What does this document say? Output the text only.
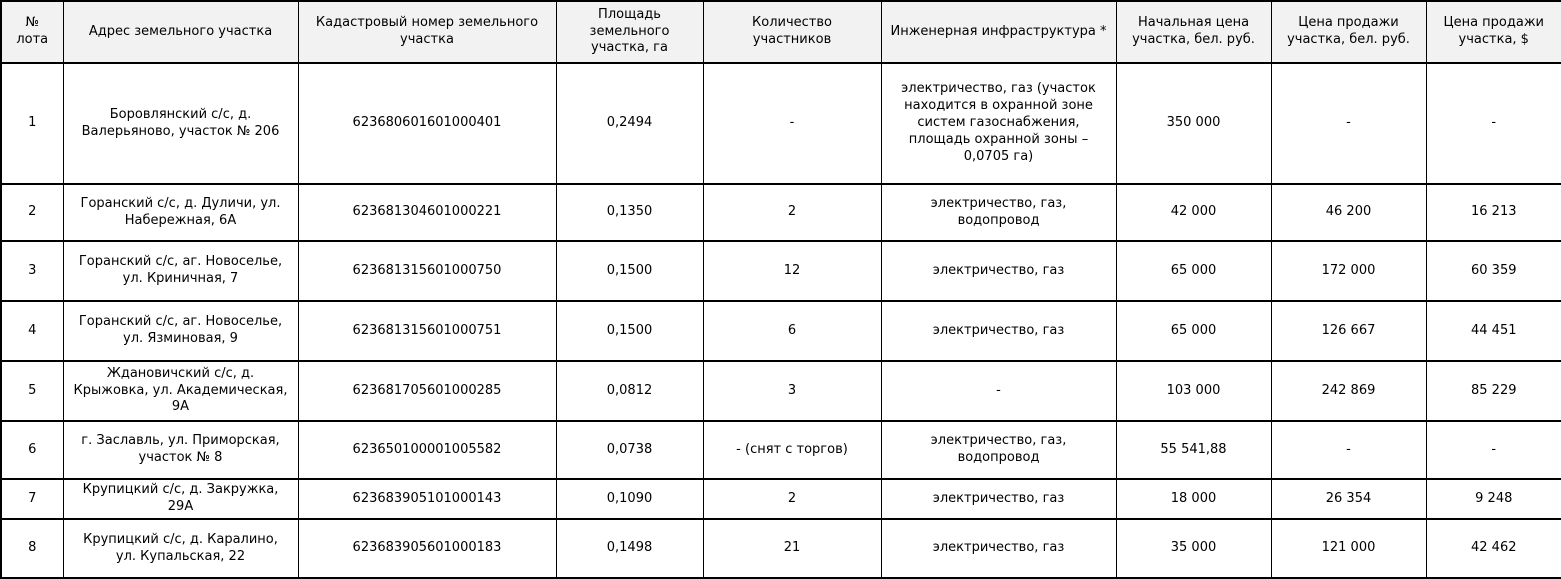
№ лота	Адрес земельного участка	Кадастровый номер земельного участка	Площадь земельного участка, га	Количество участников	Инженерная инфраструктура *	Начальная цена участка, бел. руб.	Цена продажи участка, бел. руб.	Цена продажи участка, $
1	Боровлянский с/с, д. Валерьяново, участок № 206	623680601601000401	0,2494	-	электричество, газ (участок находится в охранной зоне систем газоснабжения, площадь охранной зоны – 0,0705 га)	350 000	-	-
2	Горанский с/с, д. Дуличи, ул. Набережная, 6А	623681304601000221	0,1350	2	электричество, газ, водопровод	42 000	46 200	16 213
3	Горанский с/с, аг. Новоселье, ул. Криничная, 7	623681315601000750	0,1500	12	электричество, газ	65 000	172 000	60 359
4	Горанский с/с, аг. Новоселье, ул. Язминовая, 9	623681315601000751	0,1500	6	электричество, газ	65 000	126 667	44 451
5	Ждановичский с/с, д. Крыжовка, ул. Академическая, 9А	623681705601000285	0,0812	3	-	103 000	242 869	85 229
6	г. Заславль, ул. Приморская, участок № 8	623650100001005582	0,0738	- (снят с торгов)	электричество, газ, водопровод	55 541,88	-	-
7	Крупицкий с/с, д. Закружка, 29А	623683905101000143	0,1090	2	электричество, газ	18 000	26 354	9 248
8	Крупицкий с/с, д. Каралино, ул. Купальская, 22	623683905601000183	0,1498	21	электричество, газ	35 000	121 000	42 462
